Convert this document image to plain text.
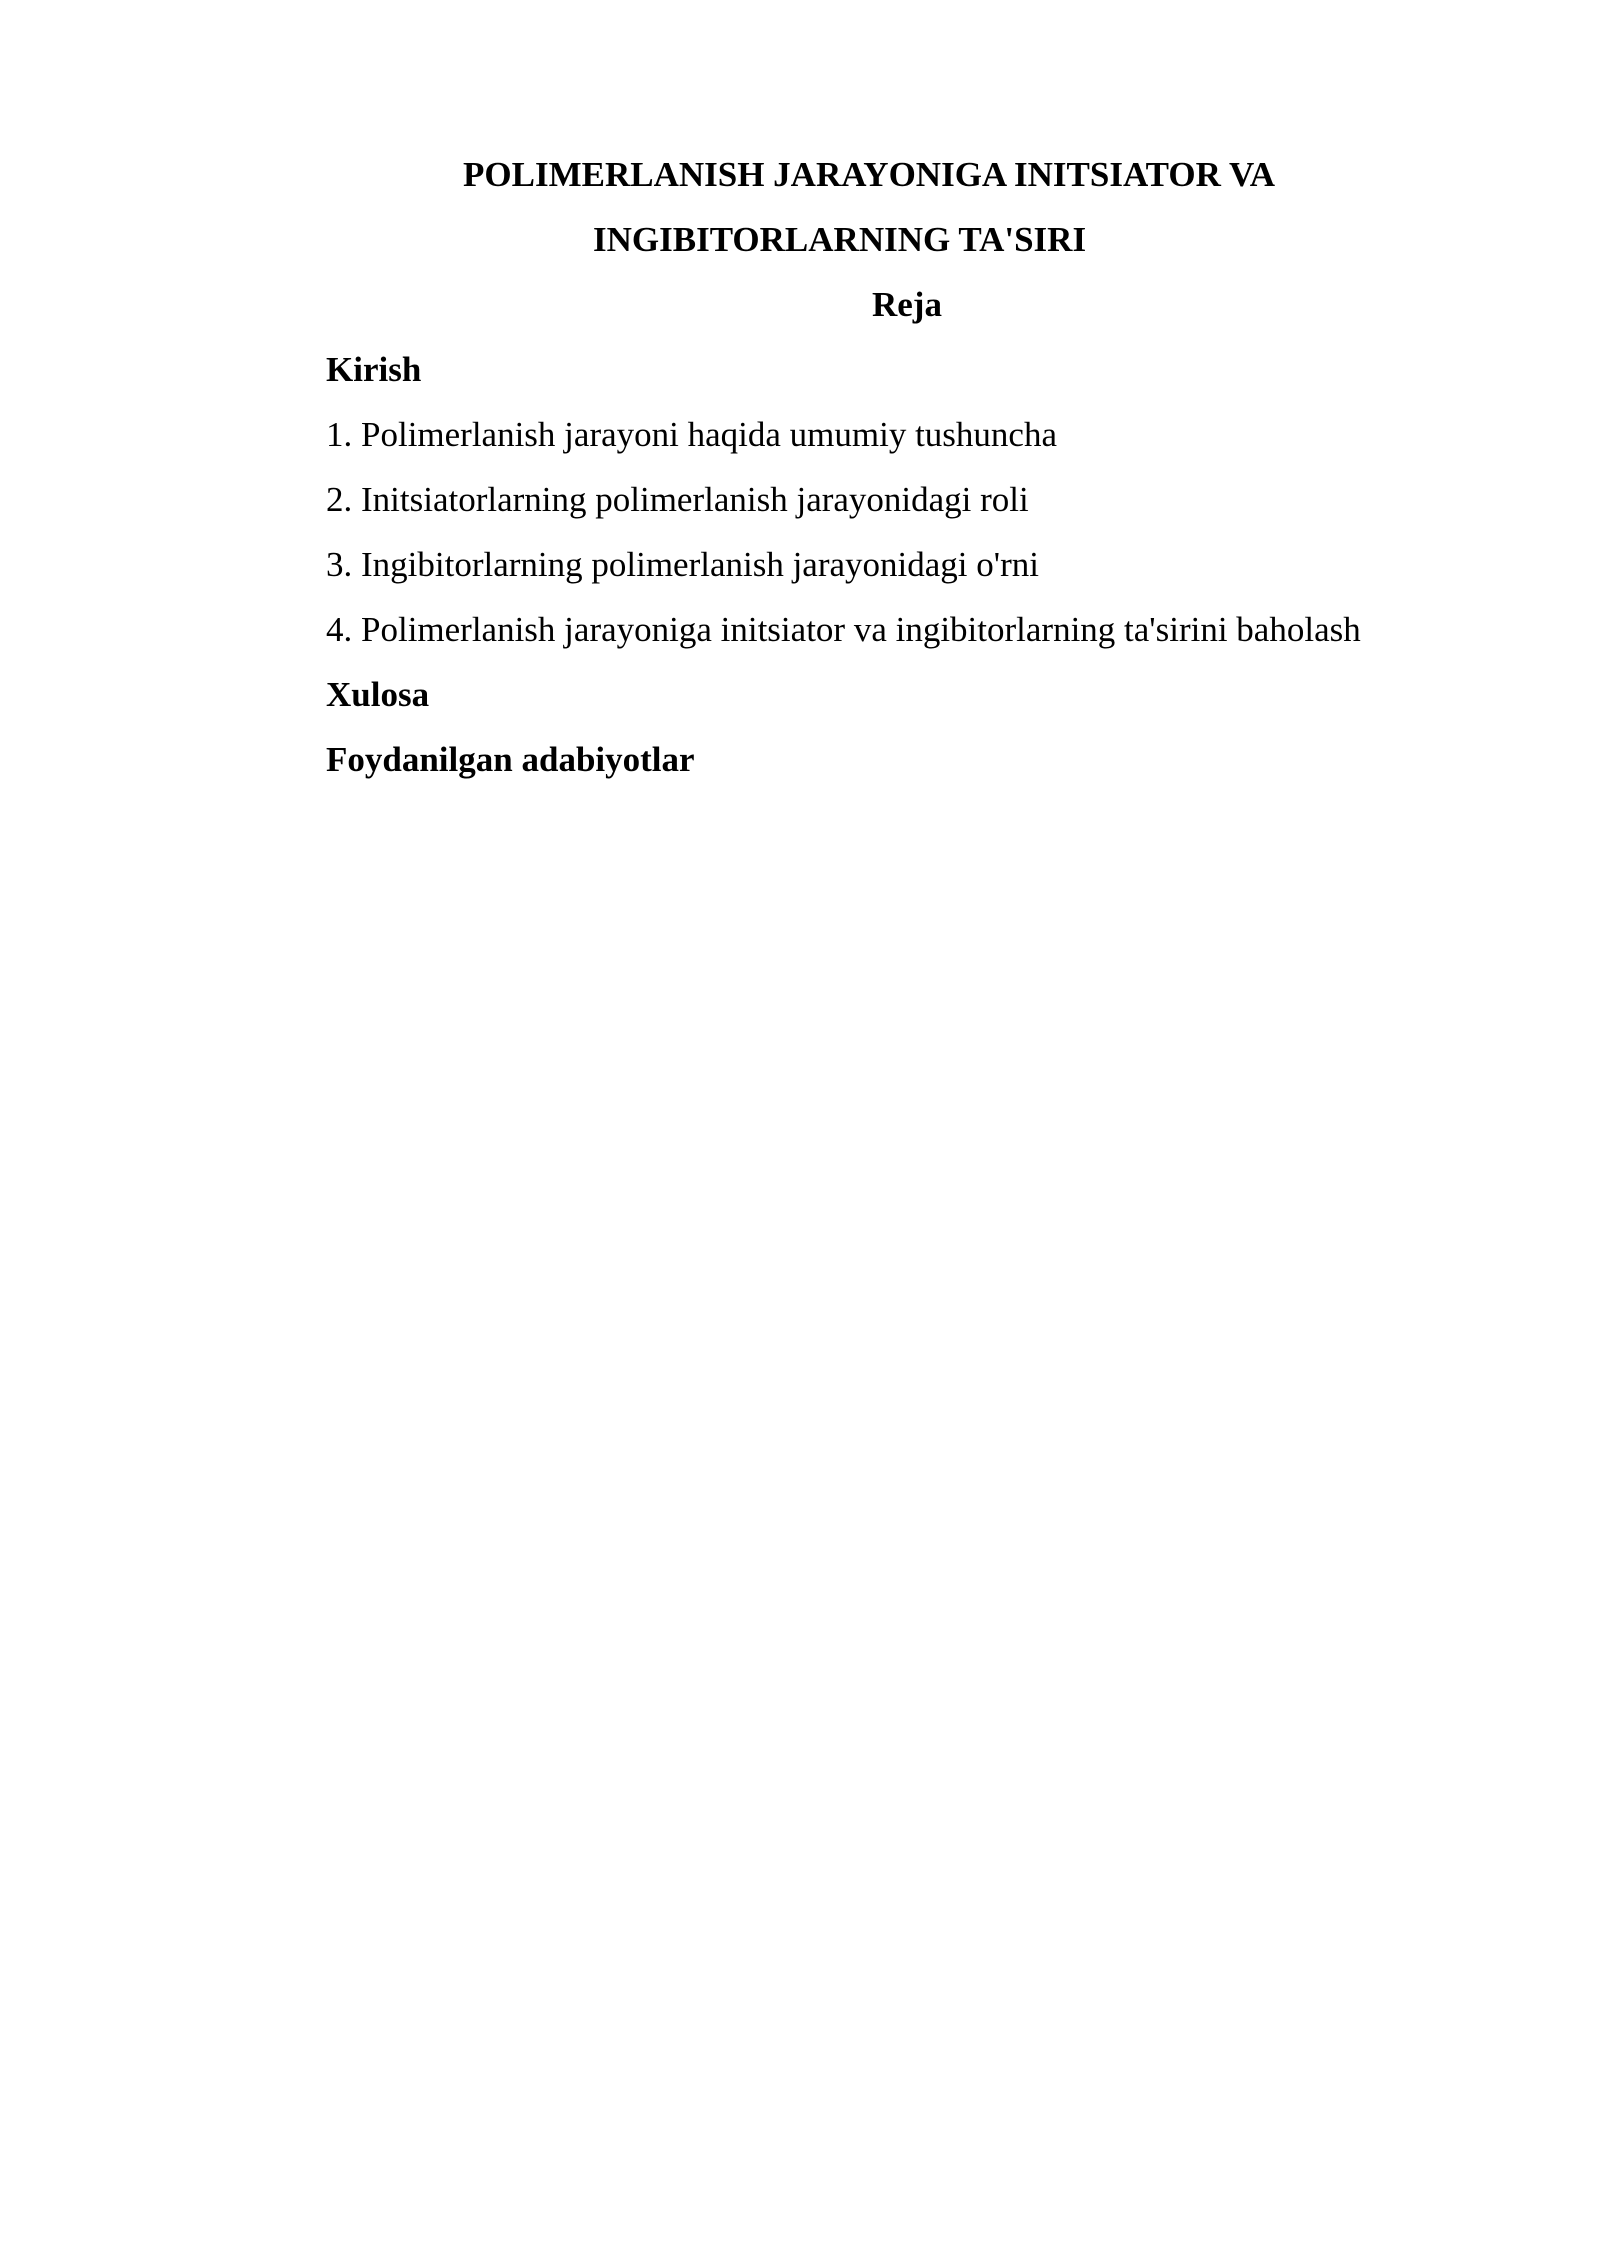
POLIMERLANISH JARAYONIGA INITSIATOR VA
INGIBITORLARNING TA'SIRI
Reja
Kirish
1. Polimerlanish jarayoni haqida umumiy tushuncha
2. Initsiatorlarning polimerlanish jarayonidagi roli
3. Ingibitorlarning polimerlanish jarayonidagi o'rni
4. Polimerlanish jarayoniga initsiator va ingibitorlarning ta'sirini baholash
Xulosa
Foydanilgan adabiyotlar
